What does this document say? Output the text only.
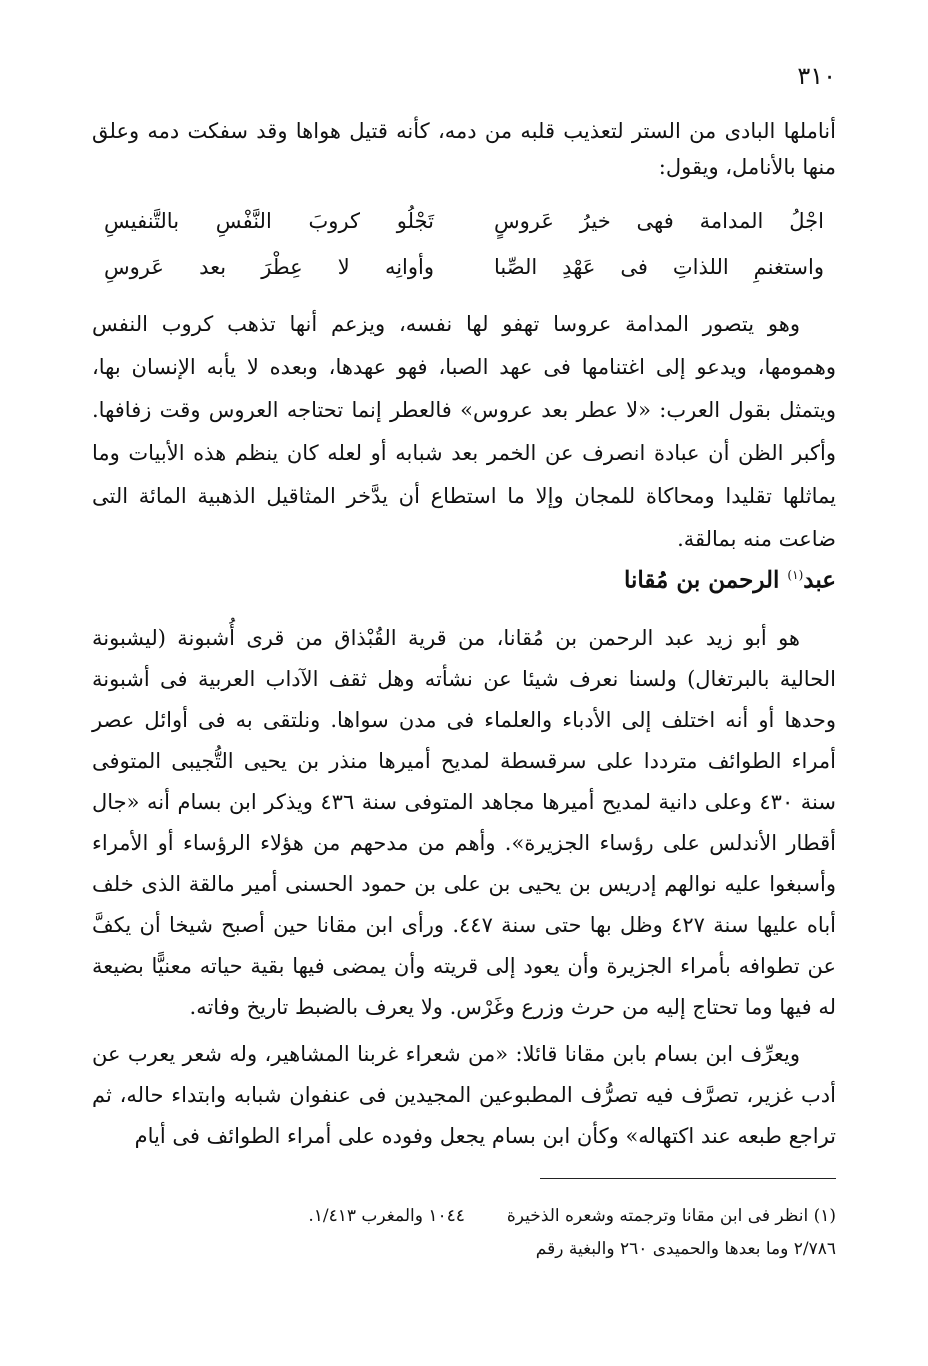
٣١٠

أناملها البادى من الستر لتعذيب قلبه من دمه، كأنه قتيل هواها وقد سفكت دمه وعلق منها بالأنامل، ويقول:

اجْلُ المدامة فهى خيرُ عَروسٍ
تَجْلُو كروبَ النَّفْسِ بالتَّنفيسِ
واستغنمِ اللذاتِ فى عَهْدِ الصِّبا
وأوانِه لا عِطْرَ بعد عَروسِ

وهو يتصور المدامة عروسا تهفو لها نفسه، ويزعم أنها تذهب كروب النفس وهمومها، ويدعو إلى اغتنامها فى عهد الصبا، فهو عهدها، وبعده لا يأبه الإنسان بها، ويتمثل بقول العرب: «لا عطر بعد عروس» فالعطر إنما تحتاجه العروس وقت زفافها. وأكبر الظن أن عبادة انصرف عن الخمر بعد شبابه أو لعله كان ينظم هذه الأبيات وما يماثلها تقليدا ومحاكاة للمجان وإلا ما استطاع أن يدَّخر المثاقيل الذهبية المائة التى ضاعت منه بمالقة.

عبد$^{(١)}$ الرحمن بن مُقانا

هو أبو زيد عبد الرحمن بن مُقانا، من قرية القُبْذاق من قرى أُشبونة (ليشبونة الحالية بالبرتغال) ولسنا نعرف شيئا عن نشأته وهل ثقف الآداب العربية فى أشبونة وحدها أو أنه اختلف إلى الأدباء والعلماء فى مدن سواها. ونلتقى به فى أوائل عصر أمراء الطوائف مترددا على سرقسطة لمديح أميرها منذر بن يحيى التُّجيبى المتوفى سنة ٤٣٠ وعلى دانية لمديح أميرها مجاهد المتوفى سنة ٤٣٦ ويذكر ابن بسام أنه «جال أقطار الأندلس على رؤساء الجزيرة». وأهم من مدحهم من هؤلاء الرؤساء أو الأمراء وأسبغوا عليه نوالهم إدريس بن يحيى بن على بن حمود الحسنى أمير مالقة الذى خلف أباه عليها سنة ٤٢٧ وظل بها حتى سنة ٤٤٧. ورأى ابن مقانا حين أصبح شيخا أن يكفَّ عن تطوافه بأمراء الجزيرة وأن يعود إلى قريته وأن يمضى فيها بقية حياته معنيًّا بضيعة له فيها وما تحتاج إليه من حرث وزرع وغَرْس. ولا يعرف بالضبط تاريخ وفاته.

ويعرِّف ابن بسام بابن مقانا قائلا: «من شعراء غربنا المشاهير، وله شعر يعرب عن أدب غزير، تصرَّف فيه تصرُّف المطبوعين المجيدين فى عنفوان شبابه وابتداء حاله، ثم تراجع طبعه عند اكتهاله» وكأن ابن بسام يجعل وفوده على أمراء الطوائف فى أيام

(١) انظر فى ابن مقانا وترجمته وشعره الذخيرة١٠٤٤ والمغرب ١/٤١٣.
٢/٧٨٦ وما بعدها والحميدى ٢٦٠ والبغية رقم
